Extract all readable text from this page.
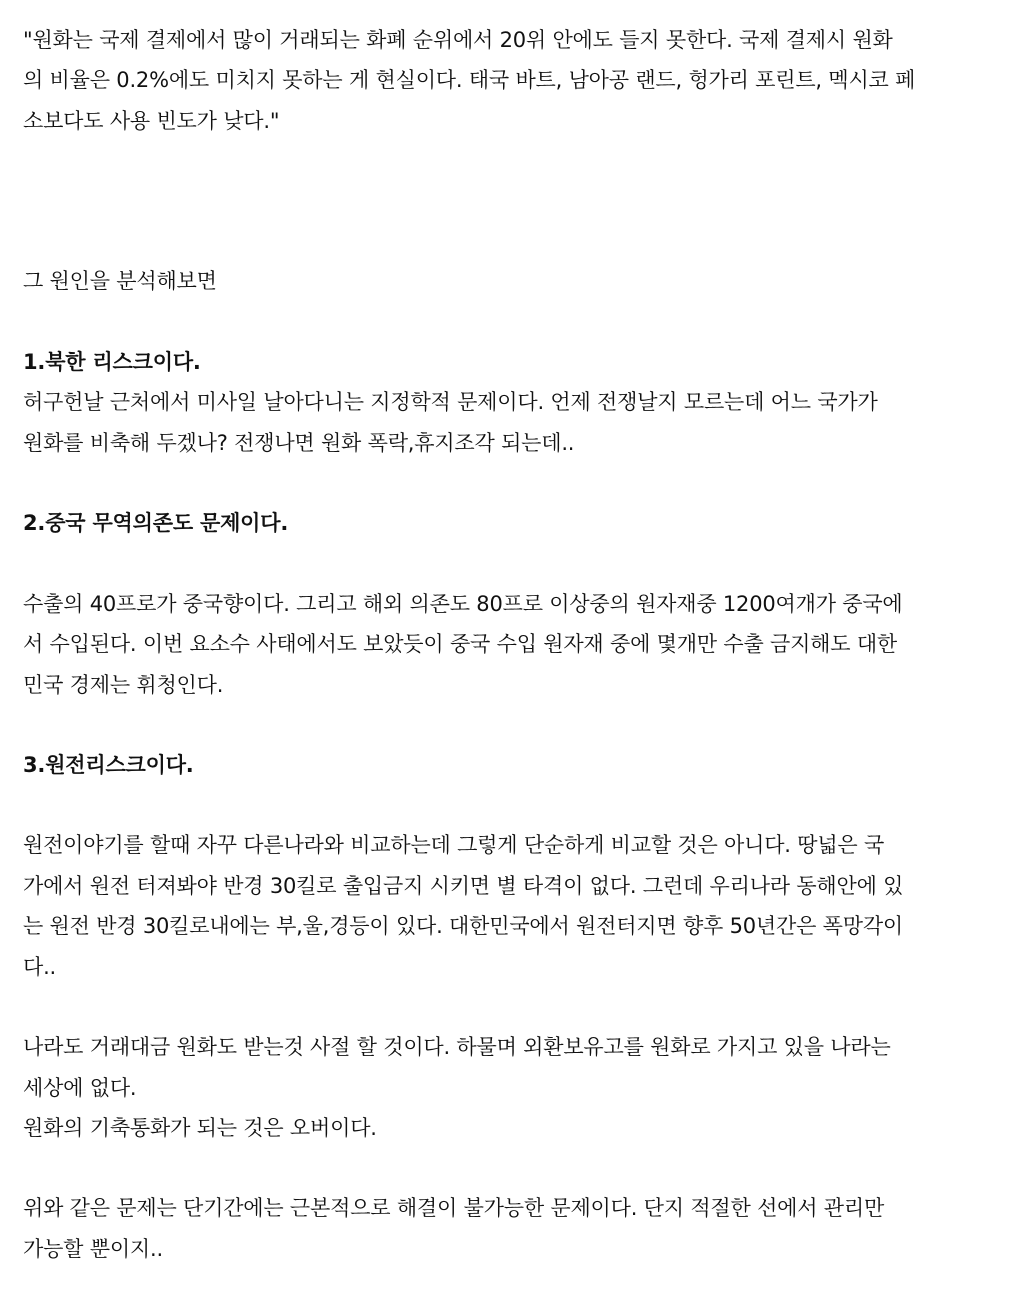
"원화는 국제 결제에서 많이 거래되는 화폐 순위에서 20위 안에도 들지 못한다. 국제 결제시 원화
의 비율은 0.2%에도 미치지 못하는 게 현실이다. 태국 바트, 남아공 랜드, 헝가리 포린트, 멕시코 페
소보다도 사용 빈도가 낮다."
그 원인을 분석해보면
1.북한 리스크이다.
허구헌날 근처에서 미사일 날아다니는 지정학적 문제이다. 언제 전쟁날지 모르는데 어느 국가가
원화를 비축해 두겠나? 전쟁나면 원화 폭락,휴지조각 되는데..
2.중국 무역의존도 문제이다.
수출의 40프로가 중국향이다. 그리고 해외 의존도 80프로 이상중의 원자재중 1200여개가 중국에
서 수입된다. 이번 요소수 사태에서도 보았듯이 중국 수입 원자재 중에 몇개만 수출 금지해도 대한
민국 경제는 휘청인다.
3.원전리스크이다.
원전이야기를 할때 자꾸 다른나라와 비교하는데 그렇게 단순하게 비교할 것은 아니다. 땅넓은 국
가에서 원전 터져봐야 반경 30킬로 출입금지 시키면 별 타격이 없다. 그런데 우리나라 동해안에 있
는 원전 반경 30킬로내에는 부,울,경등이 있다. 대한민국에서 원전터지면 향후 50년간은 폭망각이
다..
나라도 거래대금 원화도 받는것 사절 할 것이다. 하물며 외환보유고를 원화로 가지고 있을 나라는
세상에 없다.
원화의 기축통화가 되는 것은 오버이다.
위와 같은 문제는 단기간에는 근본적으로 해결이 불가능한 문제이다. 단지 적절한 선에서 관리만
가능할 뿐이지..
